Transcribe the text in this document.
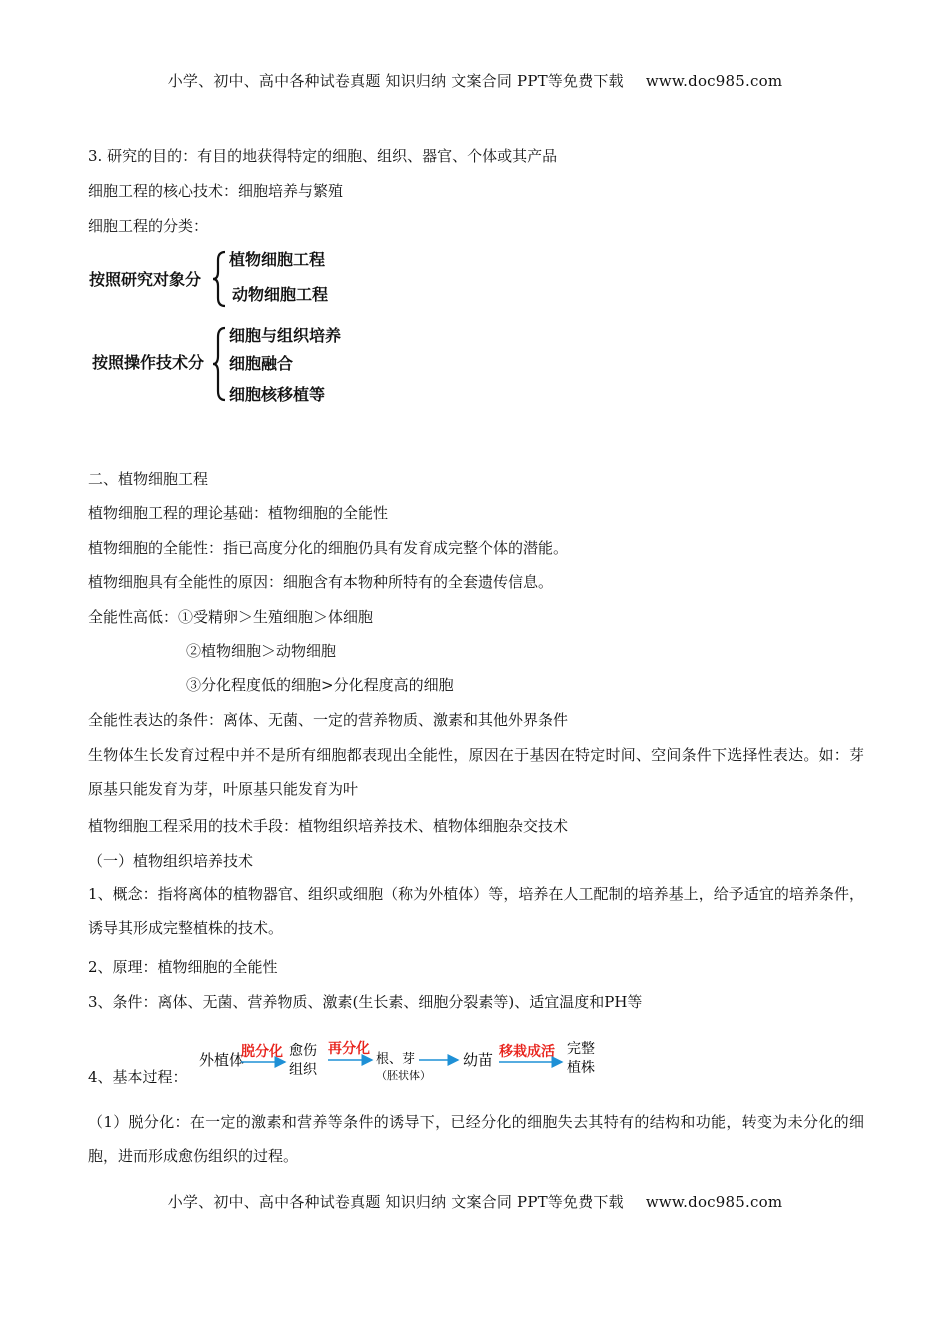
小学、初中、高中各种试卷真题 知识归纳 文案合同 PPT等免费下载 www.doc985.com
3. 研究的目的：有目的地获得特定的细胞、组织、器官、个体或其产品
细胞工程的核心技术：细胞培养与繁殖
细胞工程的分类：
按照研究对象分
植物细胞工程
动物细胞工程
按照操作技术分
细胞与组织培养
细胞融合
细胞核移植等
二、植物细胞工程
植物细胞工程的理论基础：植物细胞的全能性
植物细胞的全能性：指已高度分化的细胞仍具有发育成完整个体的潜能。
植物细胞具有全能性的原因：细胞含有本物种所特有的全套遗传信息。
全能性高低：①受精卵＞生殖细胞＞体细胞
②植物细胞＞动物细胞
③分化程度低的细胞>分化程度高的细胞
全能性表达的条件：离体、无菌、一定的营养物质、激素和其他外界条件
生物体生长发育过程中并不是所有细胞都表现出全能性，原因在于基因在特定时间、空间条件下选择性表达。如：芽原基只能发育为芽，叶原基只能发育为叶
植物细胞工程采用的技术手段：植物组织培养技术、植物体细胞杂交技术
（一）植物组织培养技术
1、概念：指将离体的植物器官、组织或细胞（称为外植体）等，培养在人工配制的培养基上，给予适宜的培养条件，诱导其形成完整植株的技术。
2、原理：植物细胞的全能性
3、条件：离体、无菌、营养物质、激素(生长素、细胞分裂素等)、适宜温度和PH等
4、基本过程：
外植体
脱分化 愈伤
组织
再分化
根、芽
（胚状体）
幼苗 移栽成活 完整
植株
（1）脱分化：在一定的激素和营养等条件的诱导下，已经分化的细胞失去其特有的结构和功能，转变为未分化的细胞，进而形成愈伤组织的过程。
小学、初中、高中各种试卷真题 知识归纳 文案合同 PPT等免费下载 www.doc985.com
